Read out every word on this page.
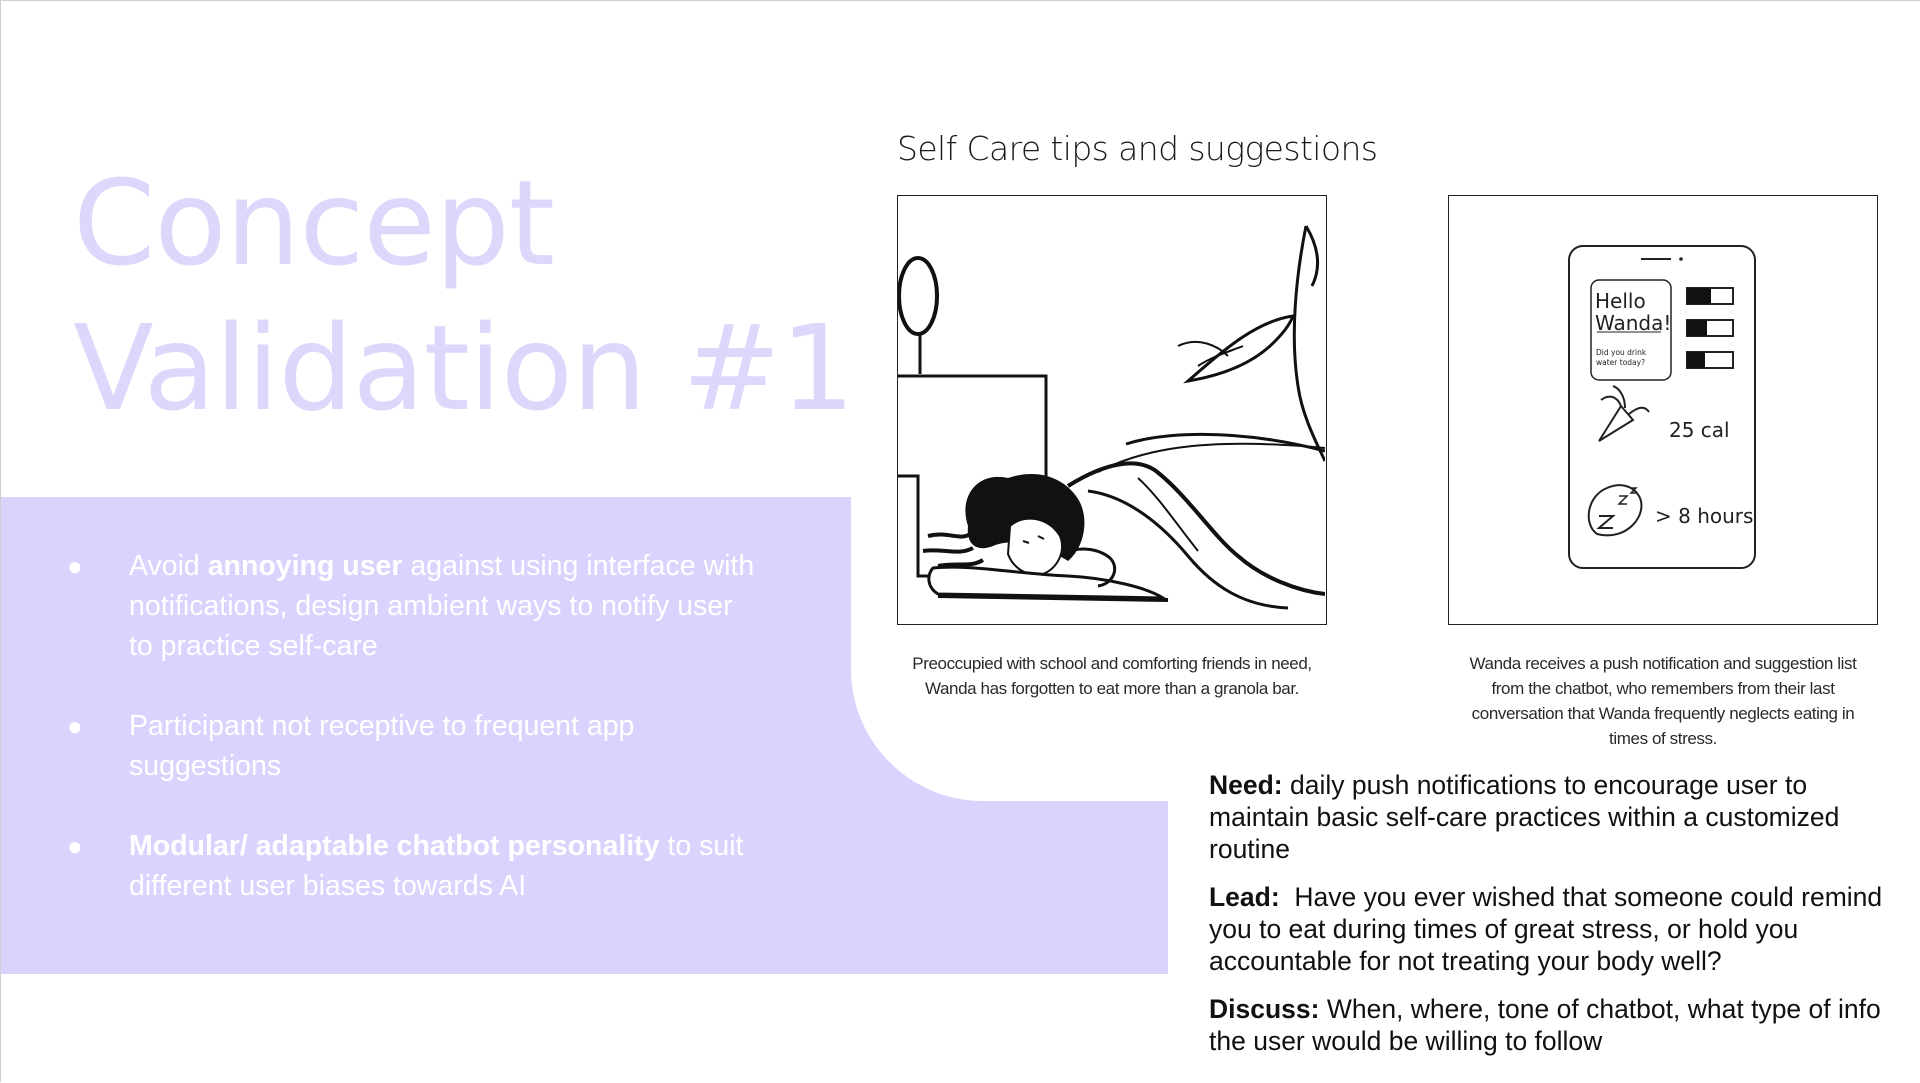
Concept
Validation #1
● Avoid annoying user against using interface with notifications, design ambient ways to notify user to practice self-care
● Participant not receptive to frequent app suggestions
● Modular/ adaptable chatbot personality to suit different user biases towards AI
Self Care tips and suggestions

Preoccupied with school and comforting friends in need, Wanda has forgotten to eat more than a granola bar.

Hello
Wanda!
Did you drink
water today?
25 cal
> 8 hours

Wanda receives a push notification and suggestion list from the chatbot, who remembers from their last conversation that Wanda frequently neglects eating in times of stress.

Need: daily push notifications to encourage user to maintain basic self-care practices within a customized routine

Lead:  Have you ever wished that someone could remind you to eat during times of great stress, or hold you accountable for not treating your body well?

Discuss: When, where, tone of chatbot, what type of info the user would be willing to follow
